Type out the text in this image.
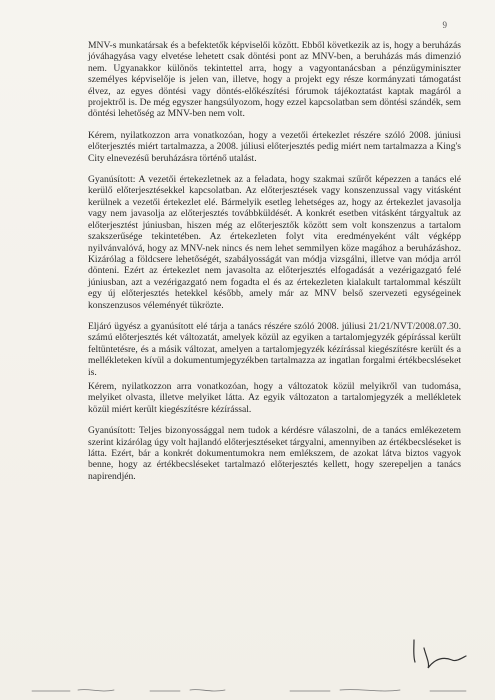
9

MNV-s munkatársak és a befektetők képviselői között. Ebből következik az is, hogy a beruházás jóváhagyása vagy elvetése lehetett csak döntési pont az MNV-ben, a beruházás más dimenzió nem. Ugyanakkor különös tekintettel arra, hogy a vagyontanácsban a pénzügyminiszter személyes képviselője is jelen van, illetve, hogy a projekt egy része kormányzati támogatást élvez, az egyes döntési vagy döntés-előkészítési fórumok tájékoztatást kaptak magáról a projektről is. De még egyszer hangsúlyozom, hogy ezzel kapcsolatban sem döntési szándék, sem döntési lehetőség az MNV-ben nem volt.

Kérem, nyilatkozzon arra vonatkozóan, hogy a vezetői értekezlet részére szóló 2008. júniusi előterjesztés miért tartalmazza, a 2008. júliusi előterjesztés pedig miért nem tartalmazza a King's City elnevezésű beruházásra történő utalást.

Gyanúsított: A vezetői értekezletnek az a feladata, hogy szakmai szűrőt képezzen a tanács elé kerülő előterjesztésekkel kapcsolatban. Az előterjesztések vagy konszenzussal vagy vitásként kerülnek a vezetői értekezlet elé. Bármelyik esetleg lehetséges az, hogy az értekezlet javasolja vagy nem javasolja az előterjesztés továbbküldését. A konkrét esetben vitásként tárgyaltuk az előterjesztést júniusban, hiszen még az előterjesztők között sem volt konszenzus a tartalom szakszerűsége tekintetében. Az értekezleten folyt vita eredményeként vált végképp nyilvánvalóvá, hogy az MNV-nek nincs és nem lehet semmilyen köze magához a beruházáshoz. Kizárólag a földcsere lehetőségét, szabályosságát van módja vizsgálni, illetve van módja arról dönteni. Ezért az értekezlet nem javasolta az előterjesztés elfogadását a vezérigazgató felé júniusban, azt a vezérigazgató nem fogadta el és az értekezleten kialakult tartalommal készült egy új előterjesztés hetekkel később, amely már az MNV belső szervezeti egységeinek konszenzusos véleményét tükrözte.

Eljáró ügyész a gyanúsított elé tárja a tanács részére szóló 2008. júliusi 21/21/NVT/2008.07.30. számú előterjesztés két változatát, amelyek közül az egyiken a tartalomjegyzék gépírással került feltüntetésre, és a másik változat, amelyen a tartalomjegyzék kézírással kiegészítésre került és a mellékleteken kívül a dokumentumjegyzékben tartalmazza az ingatlan forgalmi értékbecsléseket is.

Kérem, nyilatkozzon arra vonatkozóan, hogy a változatok közül melyikről van tudomása, melyiket olvasta, illetve melyiket látta. Az egyik változaton a tartalomjegyzék a mellékletek közül miért került kiegészítésre kézírással.

Gyanúsított: Teljes bizonyossággal nem tudok a kérdésre válaszolni, de a tanács emlékezetem szerint kizárólag úgy volt hajlandó előterjesztéseket tárgyalni, amennyiben az értékbecsléseket is látta. Ezért, bár a konkrét dokumentumokra nem emlékszem, de azokat látva biztos vagyok benne, hogy az értékbecsléseket tartalmazó előterjesztés kellett, hogy szerepeljen a tanács napirendjén.
